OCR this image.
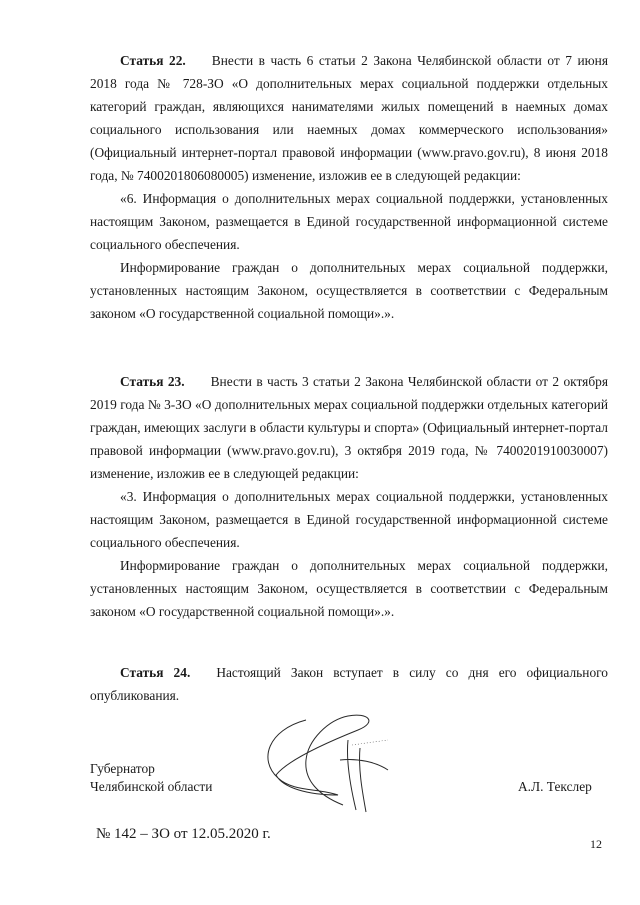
Статья 22. Внести в часть 6 статьи 2 Закона Челябинской области от 7 июня 2018 года № 728-ЗО «О дополнительных мерах социальной поддержки отдельных категорий граждан, являющихся нанимателями жилых помещений в наемных домах социального использования или наемных домах коммерческого использования» (Официальный интернет-портал правовой информации (www.pravo.gov.ru), 8 июня 2018 года, № 7400201806080005) изменение, изложив ее в следующей редакции:

«6. Информация о дополнительных мерах социальной поддержки, установленных настоящим Законом, размещается в Единой государственной информационной системе социального обеспечения.

Информирование граждан о дополнительных мерах социальной поддержки, установленных настоящим Законом, осуществляется в соответствии с Федеральным законом «О государственной социальной помощи».».

Статья 23. Внести в часть 3 статьи 2 Закона Челябинской области от 2 октября 2019 года № 3-ЗО «О дополнительных мерах социальной поддержки отдельных категорий граждан, имеющих заслуги в области культуры и спорта» (Официальный интернет-портал правовой информации (www.pravo.gov.ru), 3 октября 2019 года, № 7400201910030007) изменение, изложив ее в следующей редакции:

«3. Информация о дополнительных мерах социальной поддержки, установленных настоящим Законом, размещается в Единой государственной информационной системе социального обеспечения.

Информирование граждан о дополнительных мерах социальной поддержки, установленных настоящим Законом, осуществляется в соответствии с Федеральным законом «О государственной социальной помощи».».

Статья 24. Настоящий Закон вступает в силу со дня его официального опубликования.

Губернатор
Челябинской области	А.Л. Текслер
№ 142 – ЗО от 12.05.2020 г.
12
